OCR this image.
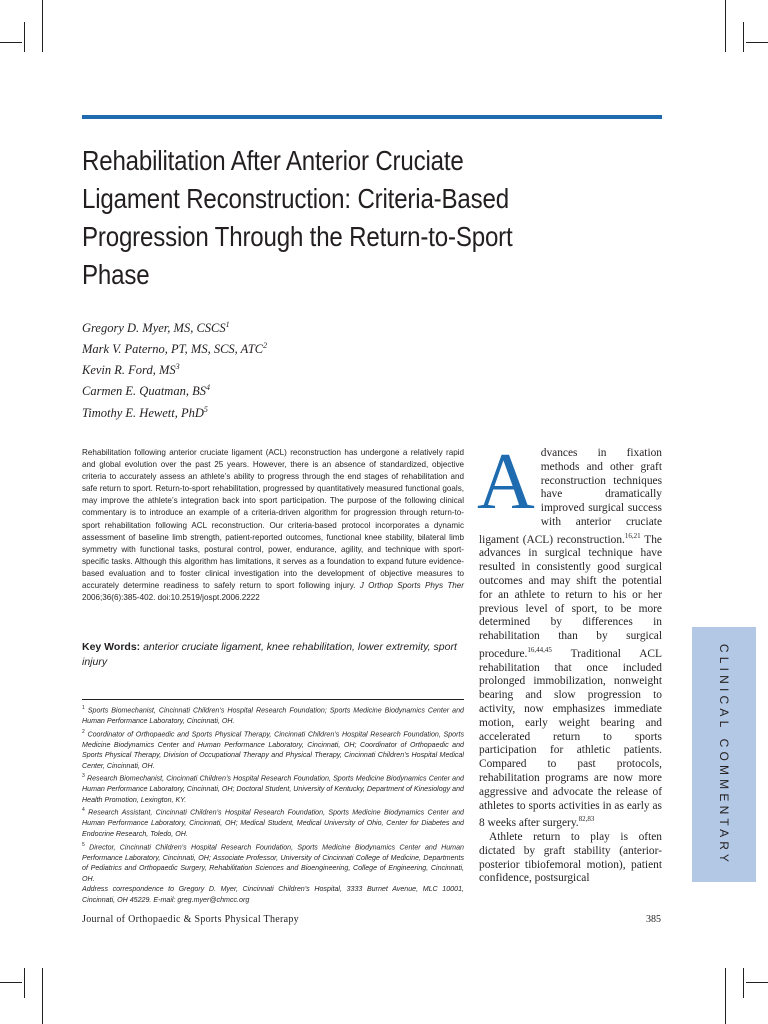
Rehabilitation After Anterior Cruciate
Ligament Reconstruction: Criteria-Based
Progression Through the Return-to-Sport
Phase
Gregory D. Myer, MS, CSCS$^1$
Mark V. Paterno, PT, MS, SCS, ATC$^2$
Kevin R. Ford, $MS^3$
Carmen E. Quatman, $BS^4$
Timothy E. Hewett, PhD$^5$
Rehabilitation following anterior cruciate ligament (ACL) reconstruction has undergone a relatively rapid and global evolution over the past 25 years. However, there is an absence of standardized, objective criteria to accurately assess an athlete’s ability to progress through the end stages of rehabilitation and safe return to sport. Return-to-sport rehabilitation, progressed by quantitatively measured functional goals, may improve the athlete’s integration back into sport participation. The purpose of the following clinical commentary is to introduce an example of a criteria-driven algorithm for progression through return-to-sport rehabilitation following ACL reconstruction. Our criteria-based protocol incorporates a dynamic assessment of baseline limb strength, patient-reported outcomes, functional knee stability, bilateral limb symmetry with functional tasks, postural control, power, endurance, agility, and technique with sport-specific tasks. Although this algorithm has limitations, it serves as a foundation to expand future evidence-based evaluation and to foster clinical investigation into the development of objective measures to accurately determine readiness to safely return to sport following injury. J Orthop Sports Phys Ther 2006;36(6):385-402. doi:10.2519/jospt.2006.2222
Key Words: anterior cruciate ligament, knee rehabilitation, lower extremity, sport injury

$^1$ Sports Biomechanist, Cincinnati Children’s Hospital Research Foundation; Sports Medicine Biodynamics Center and Human Performance Laboratory, Cincinnati, OH.

$^2$ Coordinator of Orthopaedic and Sports Physical Therapy, Cincinnati Children’s Hospital Research Foundation, Sports Medicine Biodynamics Center and Human Performance Laboratory, Cincinnati, OH; Coordinator of Orthopaedic and Sports Physical Therapy, Division of Occupational Therapy and Physical Therapy, Cincinnati Children’s Hospital Medical Center, Cincinnati, OH.

$^3$ Research Biomechanist, Cincinnati Children’s Hospital Research Foundation, Sports Medicine Biodynamics Center and Human Performance Laboratory, Cincinnati, OH; Doctoral Student, University of Kentucky, Department of Kinesiology and Health Promotion, Lexington, KY.

$^4$ Research Assistant, Cincinnati Children’s Hospital Research Foundation, Sports Medicine Biodynamics Center and Human Performance Laboratory, Cincinnati, OH; Medical Student, Medical University of Ohio, Center for Diabetes and Endocrine Research, Toledo, OH.

$^5$ Director, Cincinnati Children’s Hospital Research Foundation, Sports Medicine Biodynamics Center and Human Performance Laboratory, Cincinnati, OH; Associate Professor, University of Cincinnati College of Medicine, Departments of Pediatrics and Orthopaedic Surgery, Rehabilitation Sciences and Bioengineering, College of Engineering, Cincinnati, OH.

Address correspondence to Gregory D. Myer, Cincinnati Children’s Hospital, 3333 Burnet Avenue, MLC 10001, Cincinnati, OH 45229. E-mail: greg.myer@chmcc.org

Advances in fixation methods and other graft reconstruction techniques have dramatically improved surgical success with anterior cruciate ligament (ACL) reconstruction.$^{16,21}$ The advances in surgical technique have resulted in consistently good surgical outcomes and may shift the potential for an athlete to return to his or her previous level of sport, to be more determined by differences in rehabilitation than by surgical procedure.$^{16,44,45}$ Traditional ACL rehabilitation that once included prolonged immobilization, nonweight bearing and slow progression to activity, now emphasizes immediate motion, early weight bearing and accelerated return to sports participation for athletic patients. Compared to past protocols, rehabilitation programs are now more aggressive and advocate the release of athletes to sports activities in as early as 8 weeks after surgery.$^{82,83}$

Athlete return to play is often dictated by graft stability (anterior-posterior tibiofemoral motion), patient confidence, postsurgical

CLINICAL COMMENTARY
Journal of Orthopaedic & Sports Physical Therapy	385
